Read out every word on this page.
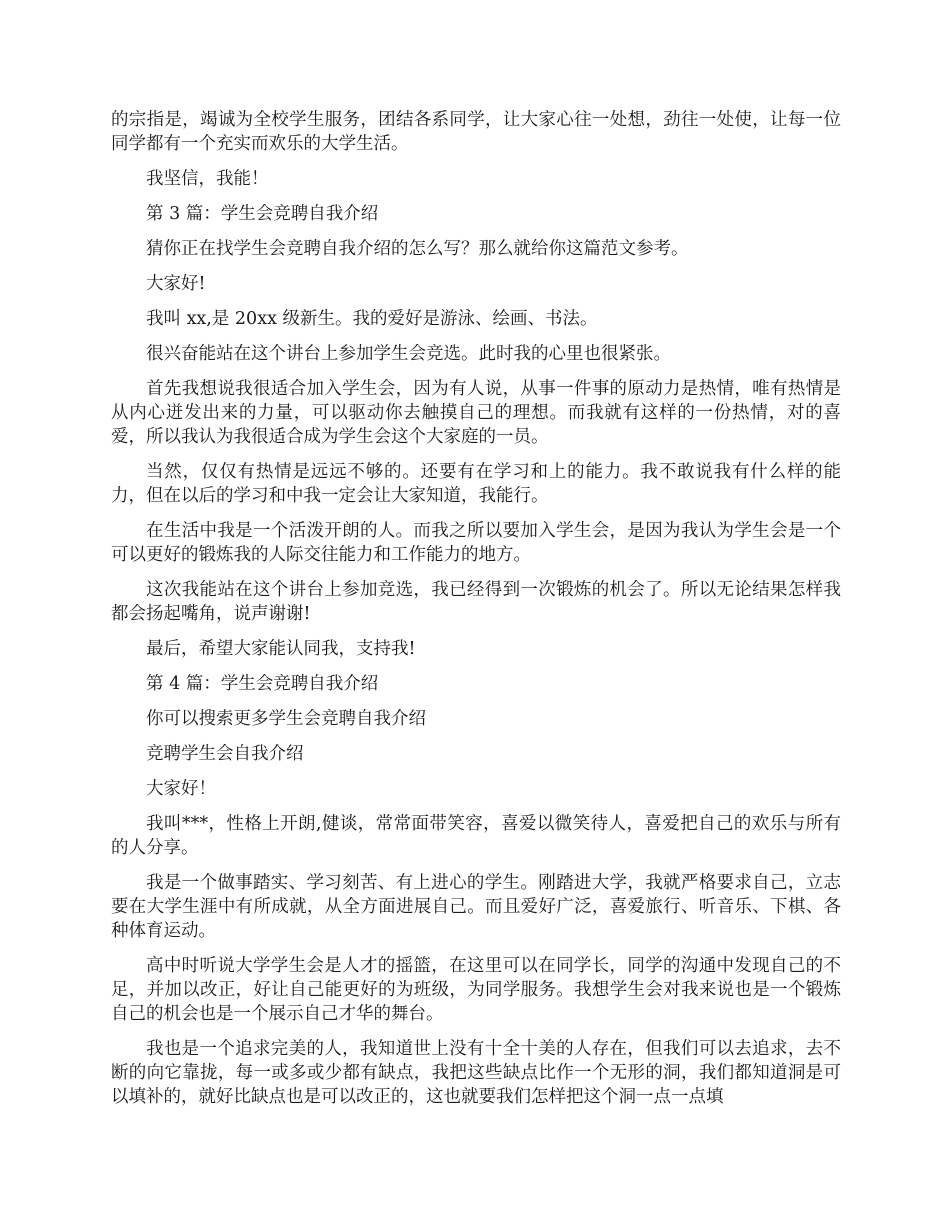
的宗指是，竭诚为全校学生服务，团结各系同学，让大家心往一处想，劲往一处使，让每一位同学都有一个充实而欢乐的大学生活。

我坚信，我能！

第 3 篇：学生会竞聘自我介绍

猜你正在找学生会竞聘自我介绍的怎么写？那么就给你这篇范文参考。

大家好!

我叫 xx,是 20xx 级新生。我的爱好是游泳、绘画、书法。

很兴奋能站在这个讲台上参加学生会竞选。此时我的心里也很紧张。

首先我想说我很适合加入学生会，因为有人说，从事一件事的原动力是热情，唯有热情是从内心迸发出来的力量，可以驱动你去触摸自己的理想。而我就有这样的一份热情，对的喜爱，所以我认为我很适合成为学生会这个大家庭的一员。

当然，仅仅有热情是远远不够的。还要有在学习和上的能力。我不敢说我有什么样的能力，但在以后的学习和中我一定会让大家知道，我能行。

在生活中我是一个活泼开朗的人。而我之所以要加入学生会，是因为我认为学生会是一个可以更好的锻炼我的人际交往能力和工作能力的地方。

这次我能站在这个讲台上参加竞选，我已经得到一次锻炼的机会了。所以无论结果怎样我都会扬起嘴角，说声谢谢!

最后，希望大家能认同我，支持我!

第 4 篇：学生会竞聘自我介绍

你可以搜索更多学生会竞聘自我介绍

竞聘学生会自我介绍

大家好！

我叫***，性格上开朗,健谈，常常面带笑容，喜爱以微笑待人，喜爱把自己的欢乐与所有的人分享。

我是一个做事踏实、学习刻苦、有上进心的学生。刚踏进大学，我就严格要求自己，立志要在大学生涯中有所成就，从全方面进展自己。而且爱好广泛，喜爱旅行、听音乐、下棋、各种体育运动。

高中时听说大学学生会是人才的摇篮，在这里可以在同学长，同学的沟通中发现自己的不足，并加以改正，好让自己能更好的为班级，为同学服务。我想学生会对我来说也是一个锻炼自己的机会也是一个展示自己才华的舞台。

我也是一个追求完美的人，我知道世上没有十全十美的人存在，但我们可以去追求，去不断的向它靠拢，每一或多或少都有缺点，我把这些缺点比作一个无形的洞，我们都知道洞是可以填补的，就好比缺点也是可以改正的，这也就要我们怎样把这个洞一点一点填
